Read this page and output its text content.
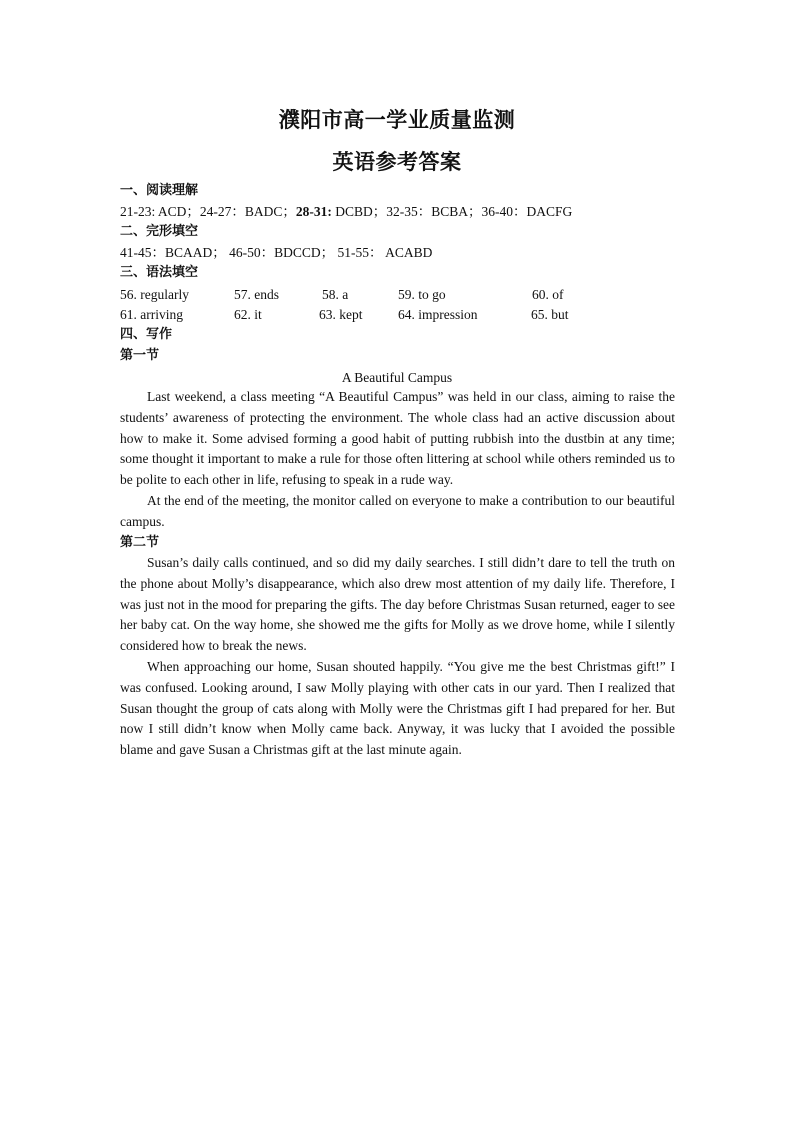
濮阳市高一学业质量监测
英语参考答案
一、阅读理解
21-23: ACD；24-27：BADC；28-31: DCBD；32-35：BCBA；36-40：DACFG
二、完形填空
41-45：BCAAD； 46-50：BDCCD； 51-55： ACABD
三、语法填空
56. regularly	57. ends	58. a	59. to go	60. of
61. arriving	62. it	63. kept	64. impression	65. but
四、写作
第一节
A Beautiful Campus

Last weekend, a class meeting “A Beautiful Campus” was held in our class, aiming to raise the students’ awareness of protecting the environment. The whole class had an active discussion about how to make it. Some advised forming a good habit of putting rubbish into the dustbin at any time; some thought it important to make a rule for those often littering at school while others reminded us to be polite to each other in life, refusing to speak in a rude way.

At the end of the meeting, the monitor called on everyone to make a contribution to our beautiful campus.

第二节

Susan’s daily calls continued, and so did my daily searches. I still didn’t dare to tell the truth on the phone about Molly’s disappearance, which also drew most attention of my daily life. Therefore, I was just not in the mood for preparing the gifts. The day before Christmas Susan returned, eager to see her baby cat. On the way home, she showed me the gifts for Molly as we drove home, while I silently considered how to break the news.

When approaching our home, Susan shouted happily. “You give me the best Christmas gift!” I was confused. Looking around, I saw Molly playing with other cats in our yard. Then I realized that Susan thought the group of cats along with Molly were the Christmas gift I had prepared for her. But now I still didn’t know when Molly came back. Anyway, it was lucky that I avoided the possible blame and gave Susan a Christmas gift at the last minute again.
